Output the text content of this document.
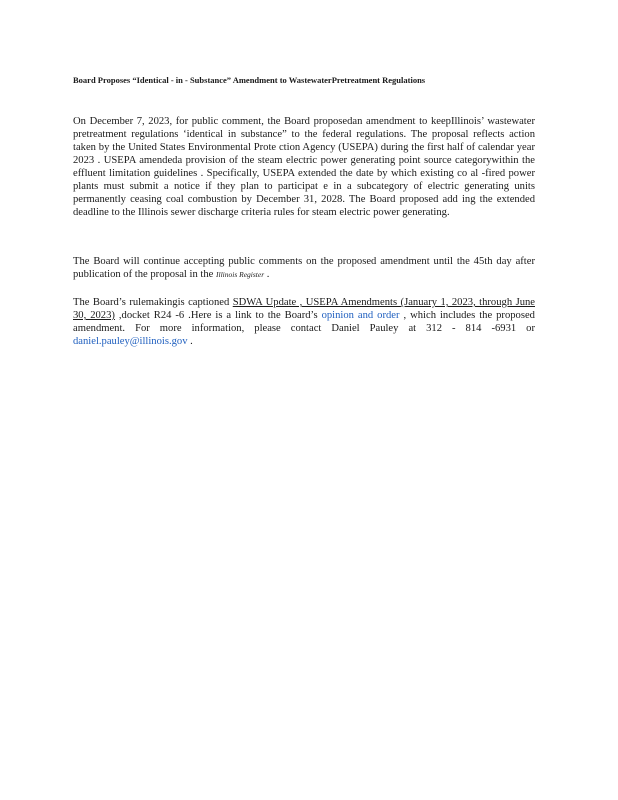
Board Proposes “Identical - in - Substance” Amendment to WastewaterPretreatment Regulations
On December 7, 2023, for public comment, the Board proposedan amendment to keepIllinois’ wastewater pretreatment regulations ‘identical in substance” to the federal regulations. The proposal reflects action taken by the United States Environmental Prote ction Agency (USEPA) during the first half of calendar year 2023 . USEPA amendeda provision of the steam electric power generating point source categorywithin the effluent limitation guidelines . Specifically, USEPA extended the date by which existing co al -fired power plants must submit a notice if they plan to participat e in a subcategory of electric generating units permanently ceasing coal combustion by December 31, 2028. The Board proposed add ing the extended deadline to the Illinois sewer discharge criteria rules for steam electric power generating.
The Board will continue accepting public comments on the proposed amendment until the 45th day after publication of the proposal in the Illinois Register .
The Board’s rulemakingis captioned SDWA Update , USEPA Amendments (January 1, 2023, through June 30, 2023) ,docket R24 -6 .Here is a link to the Board’s opinion and order , which includes the proposed amendment. For more information, please contact Daniel Pauley at 312 - 814 -6931 or daniel.pauley@illinois.gov .
